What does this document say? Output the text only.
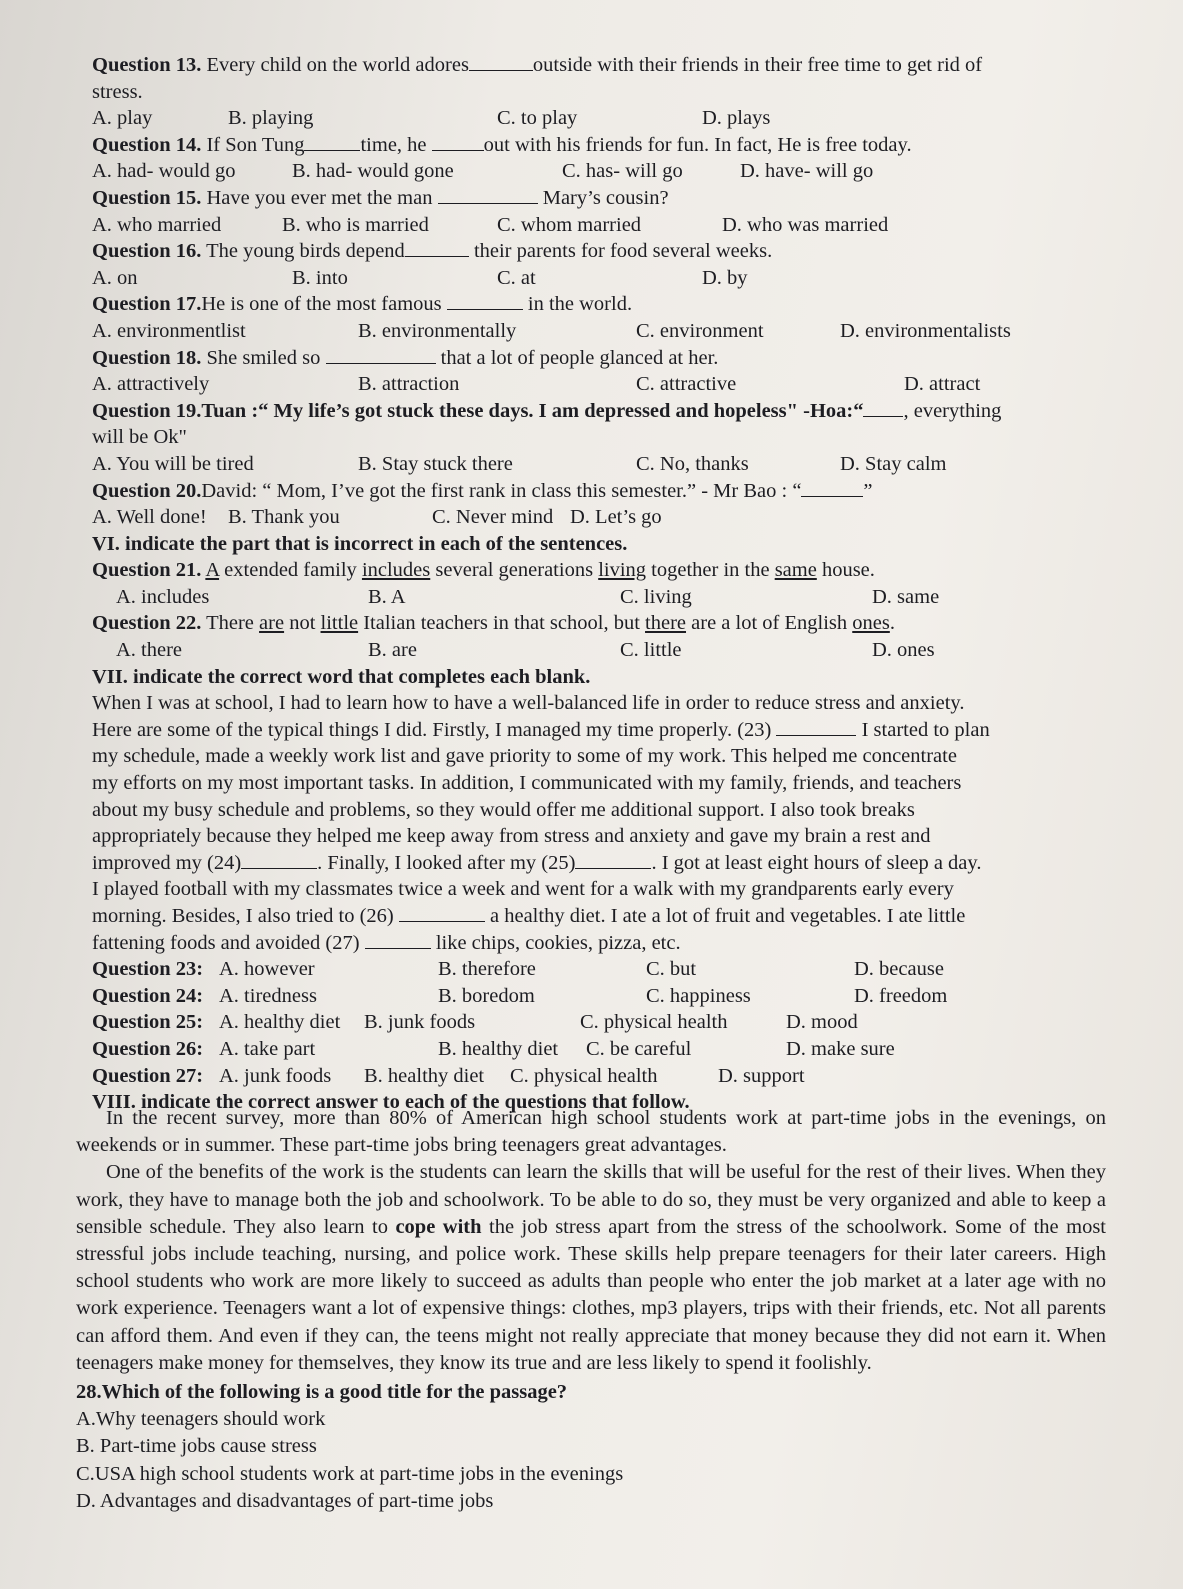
Question 13. Every child on the world adores	outside with their friends in their free time to get rid of
stress.
A. play	B. playing	C. to play	D. plays
Question 14. If Son Tung	time, he	out with his friends for fun. In fact, He is free today.
A. had- would go	B. had- would gone	C. has- will go	D. have- will go
Question 15. Have you ever met the man	Mary’s cousin?
A. who married	B. who is married	C. whom married	D. who was married
Question 16. The young birds depend	their parents for food several weeks.
A. on	B. into	C. at	D. by
Question 17.He is one of the most famous	in the world.
A. environmentlist	B. environmentally	C. environment	D. environmentalists
Question 18. She smiled so	that a lot of people glanced at her.
A. attractively	B. attraction	C. attractive	D. attract
Question 19.Tuan :“ My life’s got stuck these days. I am depressed and hopeless" -Hoa:“ , everything
will be Ok"
A. You will be tired	B. Stay stuck there	C. No, thanks	D. Stay calm
Question 20.David: “ Mom, I’ve got the first rank in class this semester.” - Mr Bao : “	”
A. Well done! B. Thank you	C. Never mind D. Let’s go
VI. indicate the part that is incorrect in each of the sentences.
Question 21. A extended family includes several generations living together in the same house.
A. includes	B. A	C. living	D. same
Question 22. There are not little Italian teachers in that school, but there are a lot of English ones.
A. there	B. are	C. little	D. ones
VII. indicate the correct word that completes each blank.
When I was at school, I had to learn how to have a well-balanced life in order to reduce stress and anxiety.
Here are some of the typical things I did. Firstly, I managed my time properly. (23)	I started to plan
my schedule, made a weekly work list and gave priority to some of my work. This helped me concentrate
my efforts on my most important tasks. In addition, I communicated with my family, friends, and teachers
about my busy schedule and problems, so they would offer me additional support. I also took breaks
appropriately because they helped me keep away from stress and anxiety and gave my brain a rest and
improved my (24)	. Finally, I looked after my (25)	. I got at least eight hours of sleep a day.
I played football with my classmates twice a week and went for a walk with my grandparents early every
morning. Besides, I also tried to (26)	a healthy diet. I ate a lot of fruit and vegetables. I ate little
fattening foods and avoided (27)	like chips, cookies, pizza, etc.
Question 23: A. however	B. therefore	C. but	D. because
Question 24: A. tiredness	B. boredom	C. happiness	D. freedom
Question 25: A. healthy diet B. junk foods	C. physical health	D. mood
Question 26: A. take part	B. healthy diet C. be careful	D. make sure
Question 27: A. junk foods B. healthy diet C. physical health	D. support
VIII. indicate the correct answer to each of the questions that follow.
In the recent survey, more than 80% of American high school students work at part-time jobs in the evenings, on weekends or in summer. These part-time jobs bring teenagers great advantages.
One of the benefits of the work is the students can learn the skills that will be useful for the rest of their lives. When they work, they have to manage both the job and schoolwork. To be able to do so, they must be very organized and able to keep a sensible schedule. They also learn to cope with the job stress apart from the stress of the schoolwork. Some of the most stressful jobs include teaching, nursing, and police work. These skills help prepare teenagers for their later careers. High school students who work are more likely to succeed as adults than people who enter the job market at a later age with no work experience. Teenagers want a lot of expensive things: clothes, mp3 players, trips with their friends, etc. Not all parents can afford them. And even if they can, the teens might not really appreciate that money because they did not earn it. When teenagers make money for themselves, they know its true and are less likely to spend it foolishly.
28.Which of the following is a good title for the passage?
A.Why teenagers should work
B. Part-time jobs cause stress
C.USA high school students work at part-time jobs in the evenings
D. Advantages and disadvantages of part-time jobs
